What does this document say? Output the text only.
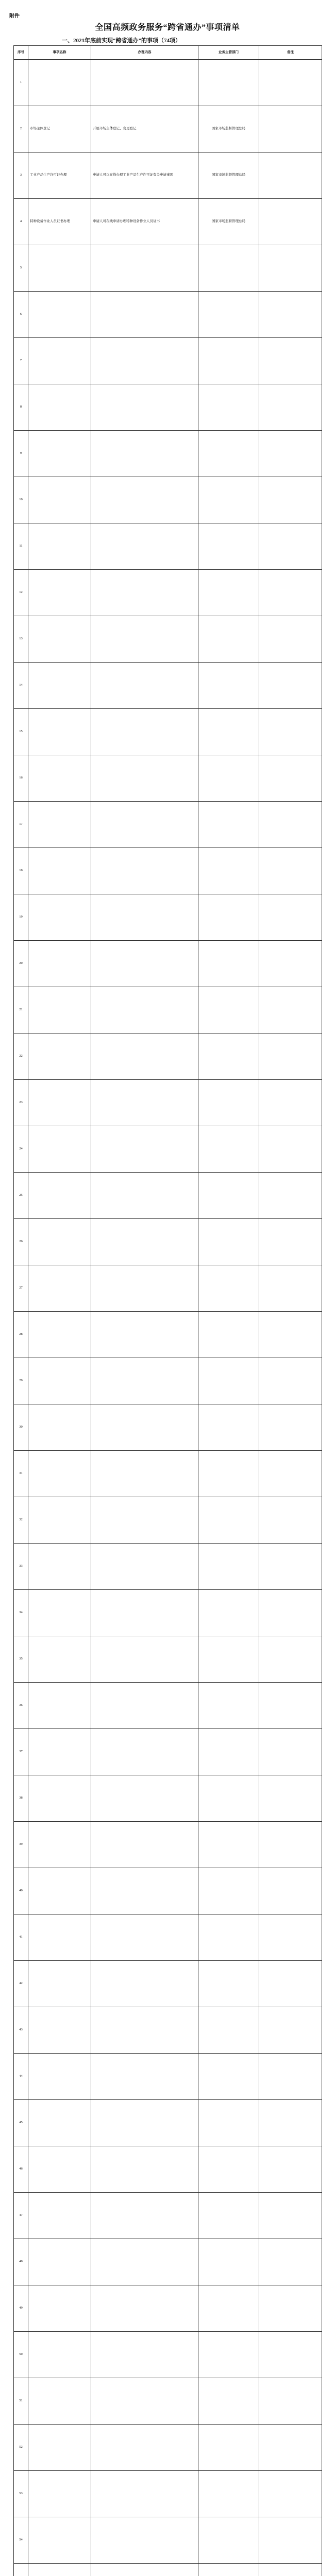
附件
全国高频政务服务“跨省通办”事项清单
一、2021年底前实现“跨省通办”的事项（74项）
序号	事项名称	办理内容	业务主管部门	备注
1				
2	市场主体登记	开展市场主体登记、变更登记	国家市场监督管理总局	
3	工业产品生产许可证办理	申请人可以在线办理工业产品生产许可证有关申请事项	国家市场监督管理总局	
4	特种设备作业人员证书办理	申请人可在线申请办理特种设备作业人员证书	国家市场监督管理总局	
5				
6				
7				
8				
9				
10				
11				
12				
13				
14				
15				
16				
17				
18				
19				
20				
21				
22				
23				
24				
25				
26				
27				
28				
29				
30				
31				
32				
33				
34				
35				
36				
37				
38				
39				
40				
41				
42				
43				
44				
45				
46				
47				
48				
49				
50				
51				
52				
53				
54				
